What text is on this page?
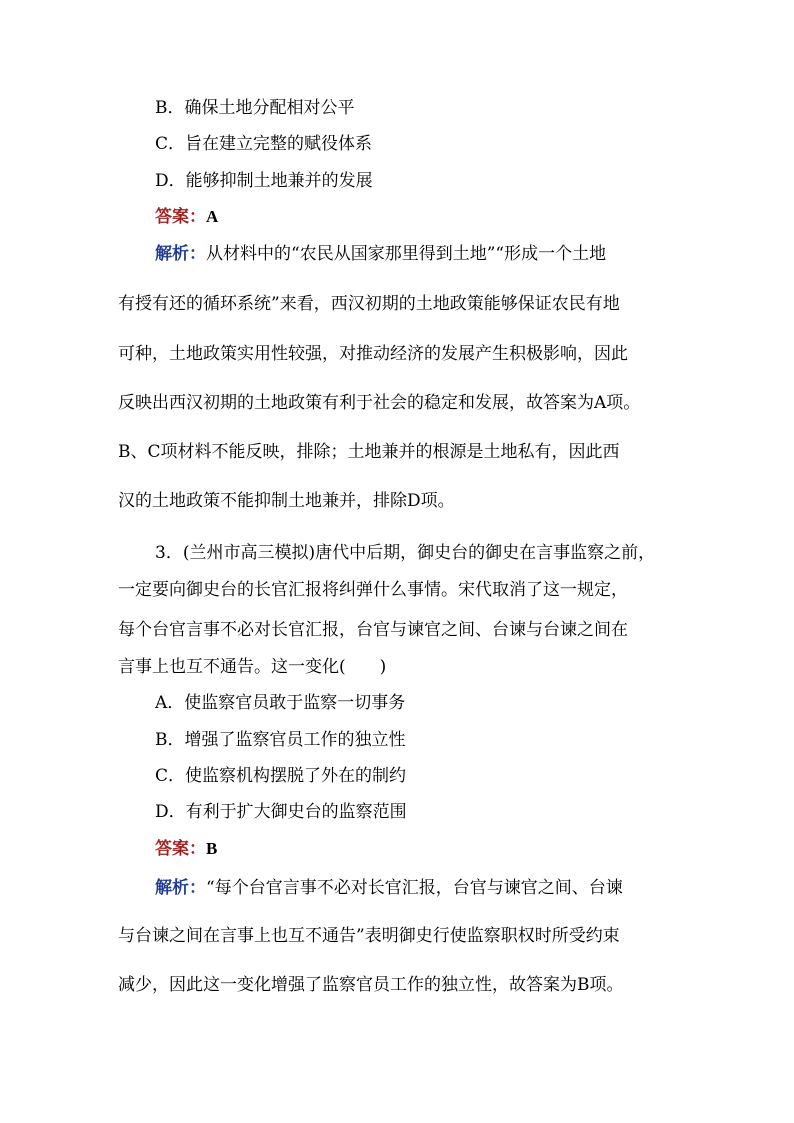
B．确保土地分配相对公平
C．旨在建立完整的赋役体系
D．能够抑制土地兼并的发展
答案：A
解析：从材料中的“农民从国家那里得到土地”“形成一个土地
有授有还的循环系统”来看，西汉初期的土地政策能够保证农民有地
可种，土地政策实用性较强，对推动经济的发展产生积极影响，因此
反映出西汉初期的土地政策有利于社会的稳定和发展，故答案为A项。
B、C项材料不能反映，排除；土地兼并的根源是土地私有，因此西
汉的土地政策不能抑制土地兼并，排除D项。
3．(兰州市高三模拟)唐代中后期，御史台的御史在言事监察之前，
一定要向御史台的长官汇报将纠弹什么事情。宋代取消了这一规定，
每个台官言事不必对长官汇报，台官与谏官之间、台谏与台谏之间在
言事上也互不通告。这一变化(　　)
A．使监察官员敢于监察一切事务
B．增强了监察官员工作的独立性
C．使监察机构摆脱了外在的制约
D．有利于扩大御史台的监察范围
答案：B
解析：“每个台官言事不必对长官汇报，台官与谏官之间、台谏
与台谏之间在言事上也互不通告”表明御史行使监察职权时所受约束
减少，因此这一变化增强了监察官员工作的独立性，故答案为B项。
